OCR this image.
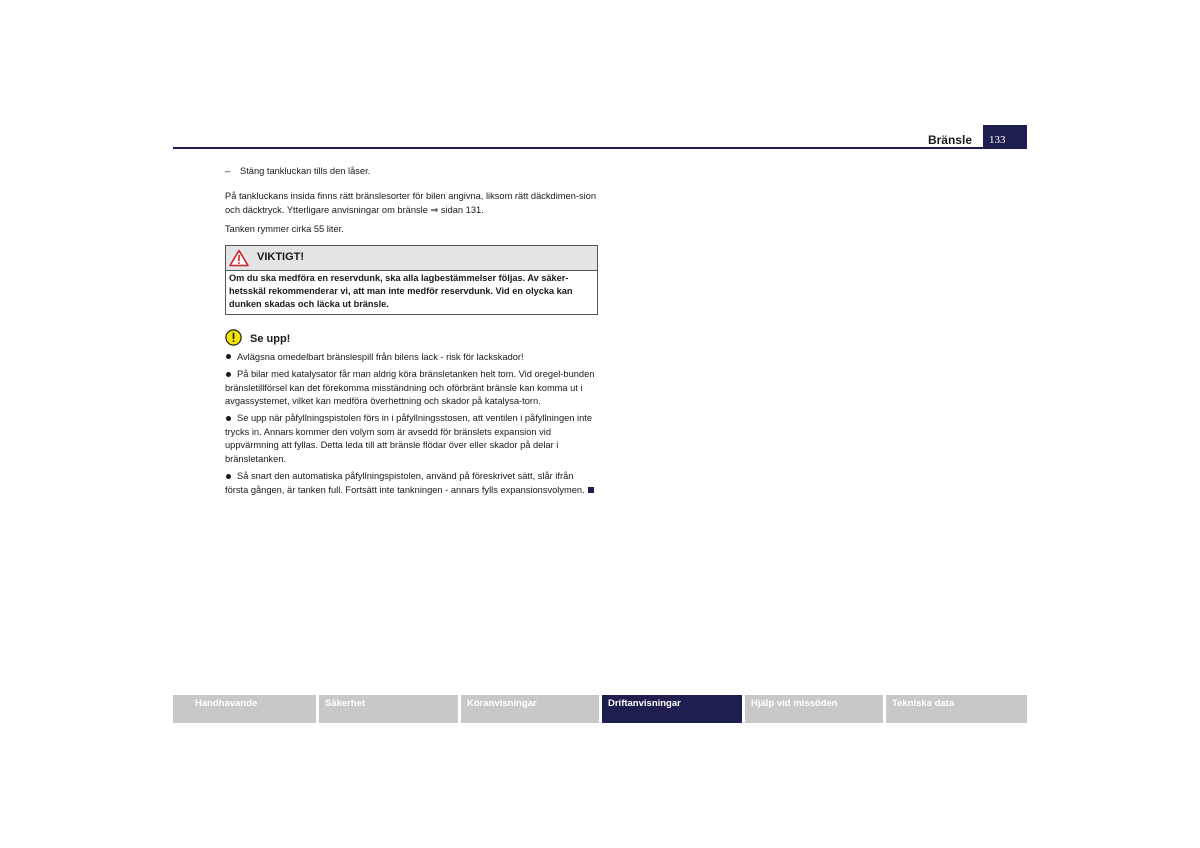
Bränsle	133

– Stäng tankluckan tills den låser.

På tankluckans insida finns rätt bränslesorter för bilen angivna, liksom rätt däckdimen-sion och däcktryck. Ytterligare anvisningar om bränsle ⇒ sidan 131.

Tanken rymmer cirka 55 liter.

VIKTIGT!
Om du ska medföra en reservdunk, ska alla lagbestämmelser följas. Av säker-hetsskäl rekommenderar vi, att man inte medför reservdunk. Vid en olycka kan dunken skadas och läcka ut bränsle.
Se upp!

Avlägsna omedelbart bränslespill från bilens lack - risk för lackskador!

På bilar med katalysator får man aldrig köra bränsletanken helt tom. Vid oregel-bunden bränsletillförsel kan det förekomma misständning och oförbränt bränsle kan komma ut i avgassystemet, vilket kan medföra överhettning och skador på katalysa-torn.

Se upp när påfyllningspistolen förs in i påfyllningsstosen, att ventilen i påfyllningen inte trycks in. Annars kommer den volym som är avsedd för bränslets expansion vid uppvärmning att fyllas. Detta leda till att bränsle flödar över eller skador på delar i bränsletanken.

Så snart den automatiska påfyllningspistolen, använd på föreskrivet sätt, slår ifrån första gången, är tanken full. Fortsätt inte tankningen - annars fylls expansionsvolymen.

Handhavande	Säkerhet	Köranvisningar	Driftanvisningar	Hjälp vid missöden	Tekniska data
